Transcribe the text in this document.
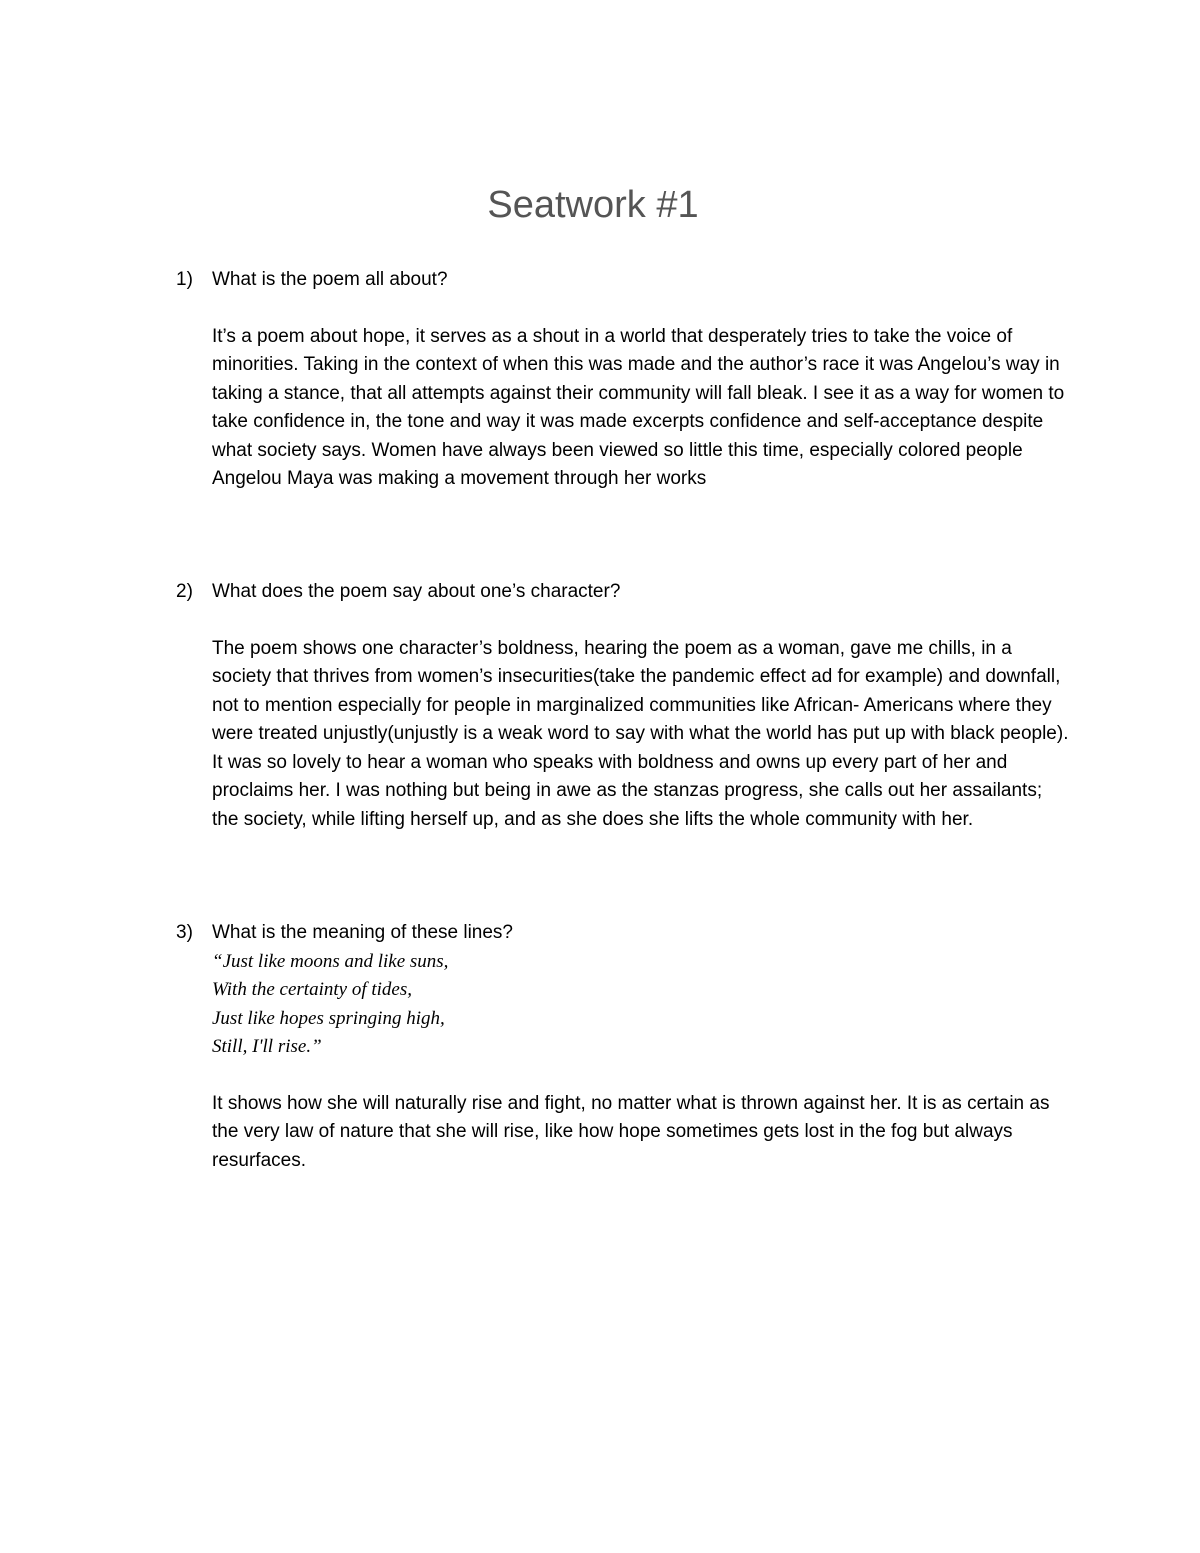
Seatwork #1

1) What is the poem all about?

It’s a poem about hope, it serves as a shout in a world that desperately tries to take the voice of minorities. Taking in the context of when this was made and the author’s race it was Angelou’s way in taking a stance, that all attempts against their community will fall bleak. I see it as a way for women to take confidence in, the tone and way it was made excerpts confidence and self-acceptance despite what society says. Women have always been viewed so little this time, especially colored people Angelou Maya was making a movement through her works

2) What does the poem say about one’s character?

The poem shows one character’s boldness, hearing the poem as a woman, gave me chills, in a society that thrives from women’s insecurities(take the pandemic effect ad for example) and downfall, not to mention especially for people in marginalized communities like African- Americans where they were treated unjustly(unjustly is a weak word to say with what the world has put up with black people). It was so lovely to hear a woman who speaks with boldness and owns up every part of her and proclaims her. I was nothing but being in awe as the stanzas progress, she calls out her assailants; the society, while lifting herself up, and as she does she lifts the whole community with her.

3) What is the meaning of these lines?

“Just like moons and like suns,
With the certainty of tides,
Just like hopes springing high,
Still, I'll rise.”
It shows how she will naturally rise and fight, no matter what is thrown against her. It is as certain as the very law of nature that she will rise, like how hope sometimes gets lost in the fog but always resurfaces.
